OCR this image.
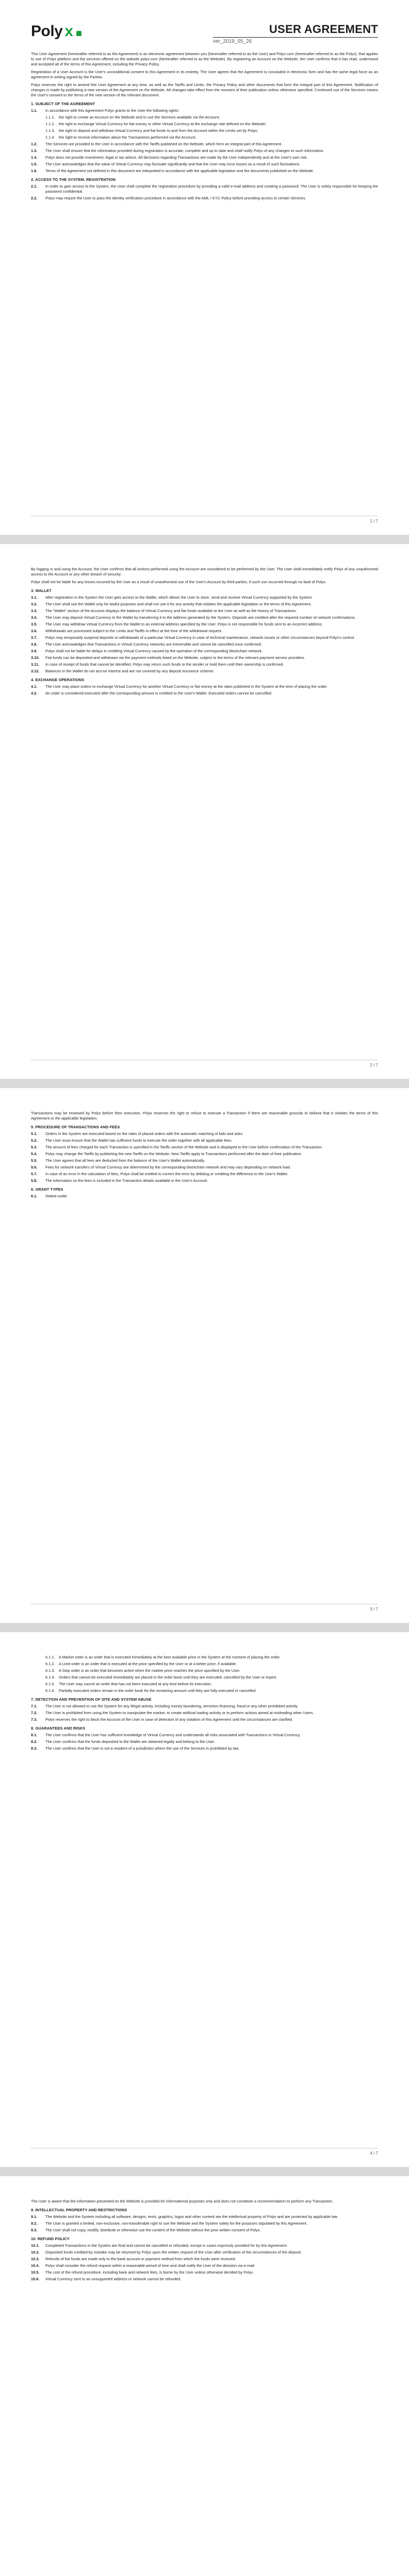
Poly x	USER AGREEMENT
ver_2019_05_26

This User Agreement (hereinafter referred to as the Agreement) is an electronic agreement between you (hereinafter referred to as the User) and Polyx.com (hereinafter referred to as the Polyx), that applies to use of Polyx platform and the services offered on the website polyx.com (hereinafter referred to as the Website). By registering an Account on the Website, the User confirms that it has read, understood and accepted all of the terms of this Agreement, including the Privacy Policy.

Registration of a User Account is the User's unconditional consent to this Agreement in its entirety. The User agrees that the Agreement is concluded in electronic form and has the same legal force as an agreement in writing signed by the Parties.

Polyx reserves the right to amend this User Agreement at any time, as well as the Tariffs and Limits, the Privacy Policy and other documents that form the integral part of this Agreement. Notification of changes is made by publishing a new version of the Agreement on the Website. All changes take effect from the moment of their publication unless otherwise specified. Continued use of the Services means the User's consent to the terms of the new version of the relevant document.

1. SUBJECT OF THE AGREEMENT
1.1.	In accordance with this Agreement Polyx grants to the User the following rights:
1.1.1.	the right to create an Account on the Website and to use the Services available via the Account;
1.1.2.	the right to exchange Virtual Currency for fiat money or other Virtual Currency at the exchange rate defined on the Website;
1.1.3.	the right to deposit and withdraw Virtual Currency and fiat funds to and from the Account within the Limits set by Polyx;
1.1.4.	the right to receive information about the Transactions performed via the Account;
1.2.	The Services are provided to the User in accordance with the Tariffs published on the Website, which form an integral part of this Agreement.
1.3.	The User shall ensure that the information provided during registration is accurate, complete and up to date and shall notify Polyx of any changes to such information.
1.4.	Polyx does not provide investment, legal or tax advice. All decisions regarding Transactions are made by the User independently and at the User's own risk.
1.5.	The User acknowledges that the value of Virtual Currency may fluctuate significantly and that the User may incur losses as a result of such fluctuations.
1.6.	Terms of the Agreement not defined in this document are interpreted in accordance with the applicable legislation and the documents published on the Website.
2. ACCESS TO THE SYSTEM. REGISTRATION
2.1.	In order to gain access to the System, the User shall complete the registration procedure by providing a valid e-mail address and creating a password. The User is solely responsible for keeping the password confidential.
2.2.	Polyx may require the User to pass the identity verification procedure in accordance with the AML / KYC Policy before providing access to certain Services.
1 / 7

By logging in and using the Account, the User confirms that all actions performed using the Account are considered to be performed by the User. The User shall immediately notify Polyx of any unauthorized access to the Account or any other breach of security.

Polyx shall not be liable for any losses incurred by the User as a result of unauthorized use of the User's Account by third parties, if such use occurred through no fault of Polyx.

3. WALLET
3.1.	After registration in the System the User gets access to the Wallet, which allows the User to store, send and receive Virtual Currency supported by the System.
3.2.	The User shall use the Wallet only for lawful purposes and shall not use it for any activity that violates the applicable legislation or the terms of this Agreement.
3.3.	The "Wallet" section of the Account displays the balance of Virtual Currency and fiat funds available to the User as well as the history of Transactions.
3.4.	The User may deposit Virtual Currency to the Wallet by transferring it to the address generated by the System. Deposits are credited after the required number of network confirmations.
3.5.	The User may withdraw Virtual Currency from the Wallet to an external address specified by the User. Polyx is not responsible for funds sent to an incorrect address.
3.6.	Withdrawals are processed subject to the Limits and Tariffs in effect at the time of the withdrawal request.
3.7.	Polyx may temporarily suspend deposits or withdrawals of a particular Virtual Currency in case of technical maintenance, network issues or other circumstances beyond Polyx's control.
3.8.	The User acknowledges that Transactions in Virtual Currency networks are irreversible and cannot be cancelled once confirmed.
3.9.	Polyx shall not be liable for delays in crediting Virtual Currency caused by the operation of the corresponding blockchain network.
3.10.	Fiat funds can be deposited and withdrawn via the payment methods listed on the Website, subject to the terms of the relevant payment service providers.
3.11.	In case of receipt of funds that cannot be identified, Polyx may return such funds to the sender or hold them until their ownership is confirmed.
3.12.	Balances in the Wallet do not accrue interest and are not covered by any deposit insurance scheme.
4. EXCHANGE OPERATIONS
4.1.	The User may place orders to exchange Virtual Currency for another Virtual Currency or fiat money at the rates published in the System at the time of placing the order.
4.2.	An order is considered executed after the corresponding amount is credited to the User's Wallet. Executed orders cannot be cancelled.
2 / 7

Transactions may be reviewed by Polyx before their execution. Polyx reserves the right to refuse to execute a Transaction if there are reasonable grounds to believe that it violates the terms of this Agreement or the applicable legislation.

5. PROCEDURE OF TRANSACTIONS AND FEES
5.1.	Orders in the System are executed based on the rates of placed orders with the automatic matching of bids and asks.
5.2.	The User must ensure that the Wallet has sufficient funds to execute the order together with all applicable fees.
5.3.	The amount of fees charged for each Transaction is specified in the Tariffs section of the Website and is displayed to the User before confirmation of the Transaction.
5.4.	Polyx may change the Tariffs by publishing the new Tariffs on the Website. New Tariffs apply to Transactions performed after the date of their publication.
5.5.	The User agrees that all fees are deducted from the balance of the User's Wallet automatically.
5.6.	Fees for network transfers of Virtual Currency are determined by the corresponding blockchain network and may vary depending on network load.
5.7.	In case of an error in the calculation of fees, Polyx shall be entitled to correct the error by debiting or crediting the difference to the User's Wallet.
5.8.	The information on the fees is included in the Transaction details available in the User's Account.
6. GRANT TYPES
6.1.	Stated under
3 / 7
6.1.1.	A Market order is an order that is executed immediately at the best available price in the System at the moment of placing the order.
6.1.2.	A Limit order is an order that is executed at the price specified by the User or at a better price, if available.
6.1.3.	A Stop order is an order that becomes active when the market price reaches the price specified by the User.
6.1.4.	Orders that cannot be executed immediately are placed in the order book until they are executed, cancelled by the User or expire.
6.1.5.	The User may cancel an order that has not been executed at any time before its execution.
6.1.6.	Partially executed orders remain in the order book for the remaining amount until they are fully executed or cancelled.
7. DETECTION AND PREVENTION OF SITE AND SYSTEM ABUSE
7.1.	The User is not allowed to use the System for any illegal activity, including money laundering, terrorism financing, fraud or any other prohibited activity.
7.2.	The User is prohibited from using the System to manipulate the market, to create artificial trading activity or to perform actions aimed at misleading other Users.
7.3.	Polyx reserves the right to block the Account of the User in case of detection of any violation of this Agreement until the circumstances are clarified.
8. GUARANTEES AND RISKS
8.1.	The User confirms that the User has sufficient knowledge of Virtual Currency and understands all risks associated with Transactions in Virtual Currency.
8.2.	The User confirms that the funds deposited to the Wallet are obtained legally and belong to the User.
8.3.	The User confirms that the User is not a resident of a jurisdiction where the use of the Services is prohibited by law.
4 / 7

The User is aware that the information presented on the Website is provided for informational purposes only and does not constitute a recommendation to perform any Transaction.

9. INTELLECTUAL PROPERTY AND RESTRICTIONS
9.1.	The Website and the System including all software, designs, texts, graphics, logos and other content are the intellectual property of Polyx and are protected by applicable law.
9.2.	The User is granted a limited, non-exclusive, non-transferable right to use the Website and the System solely for the purposes stipulated by this Agreement.
9.3.	The User shall not copy, modify, distribute or otherwise use the content of the Website without the prior written consent of Polyx.
10. REFUND POLICY
10.1.	Completed Transactions in the System are final and cannot be cancelled or refunded, except in cases expressly provided for by this Agreement.
10.2.	Deposited funds credited by mistake may be returned by Polyx upon the written request of the User after verification of the circumstances of the deposit.
10.3.	Refunds of fiat funds are made only to the bank account or payment method from which the funds were received.
10.4.	Polyx shall consider the refund request within a reasonable period of time and shall notify the User of the decision via e-mail.
10.5.	The cost of the refund procedure, including bank and network fees, is borne by the User unless otherwise decided by Polyx.
10.6.	Virtual Currency sent to an unsupported address or network cannot be refunded.
